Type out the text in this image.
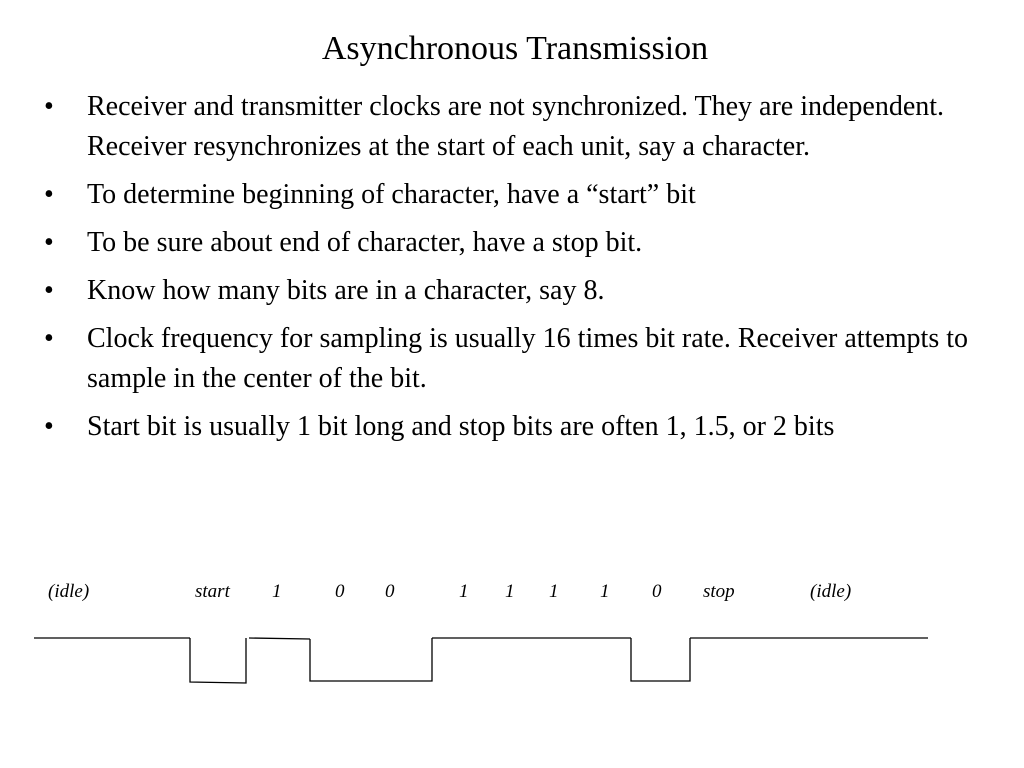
Asynchronous Transmission
• Receiver and transmitter clocks are not synchronized. They are independent. Receiver resynchronizes at the start of each unit, say a character.
• To determine beginning of character, have a “start” bit
• To be sure about end of character, have a stop bit.
• Know how many bits are in a character, say 8.
• Clock frequency for sampling is usually 16 times bit rate. Receiver attempts to sample in the center of the bit.
• Start bit is usually 1 bit long and stop bits are often 1, 1.5, or 2 bits
(idle)	start 1	0 0	1 1 1 1 0 stop	(idle)
